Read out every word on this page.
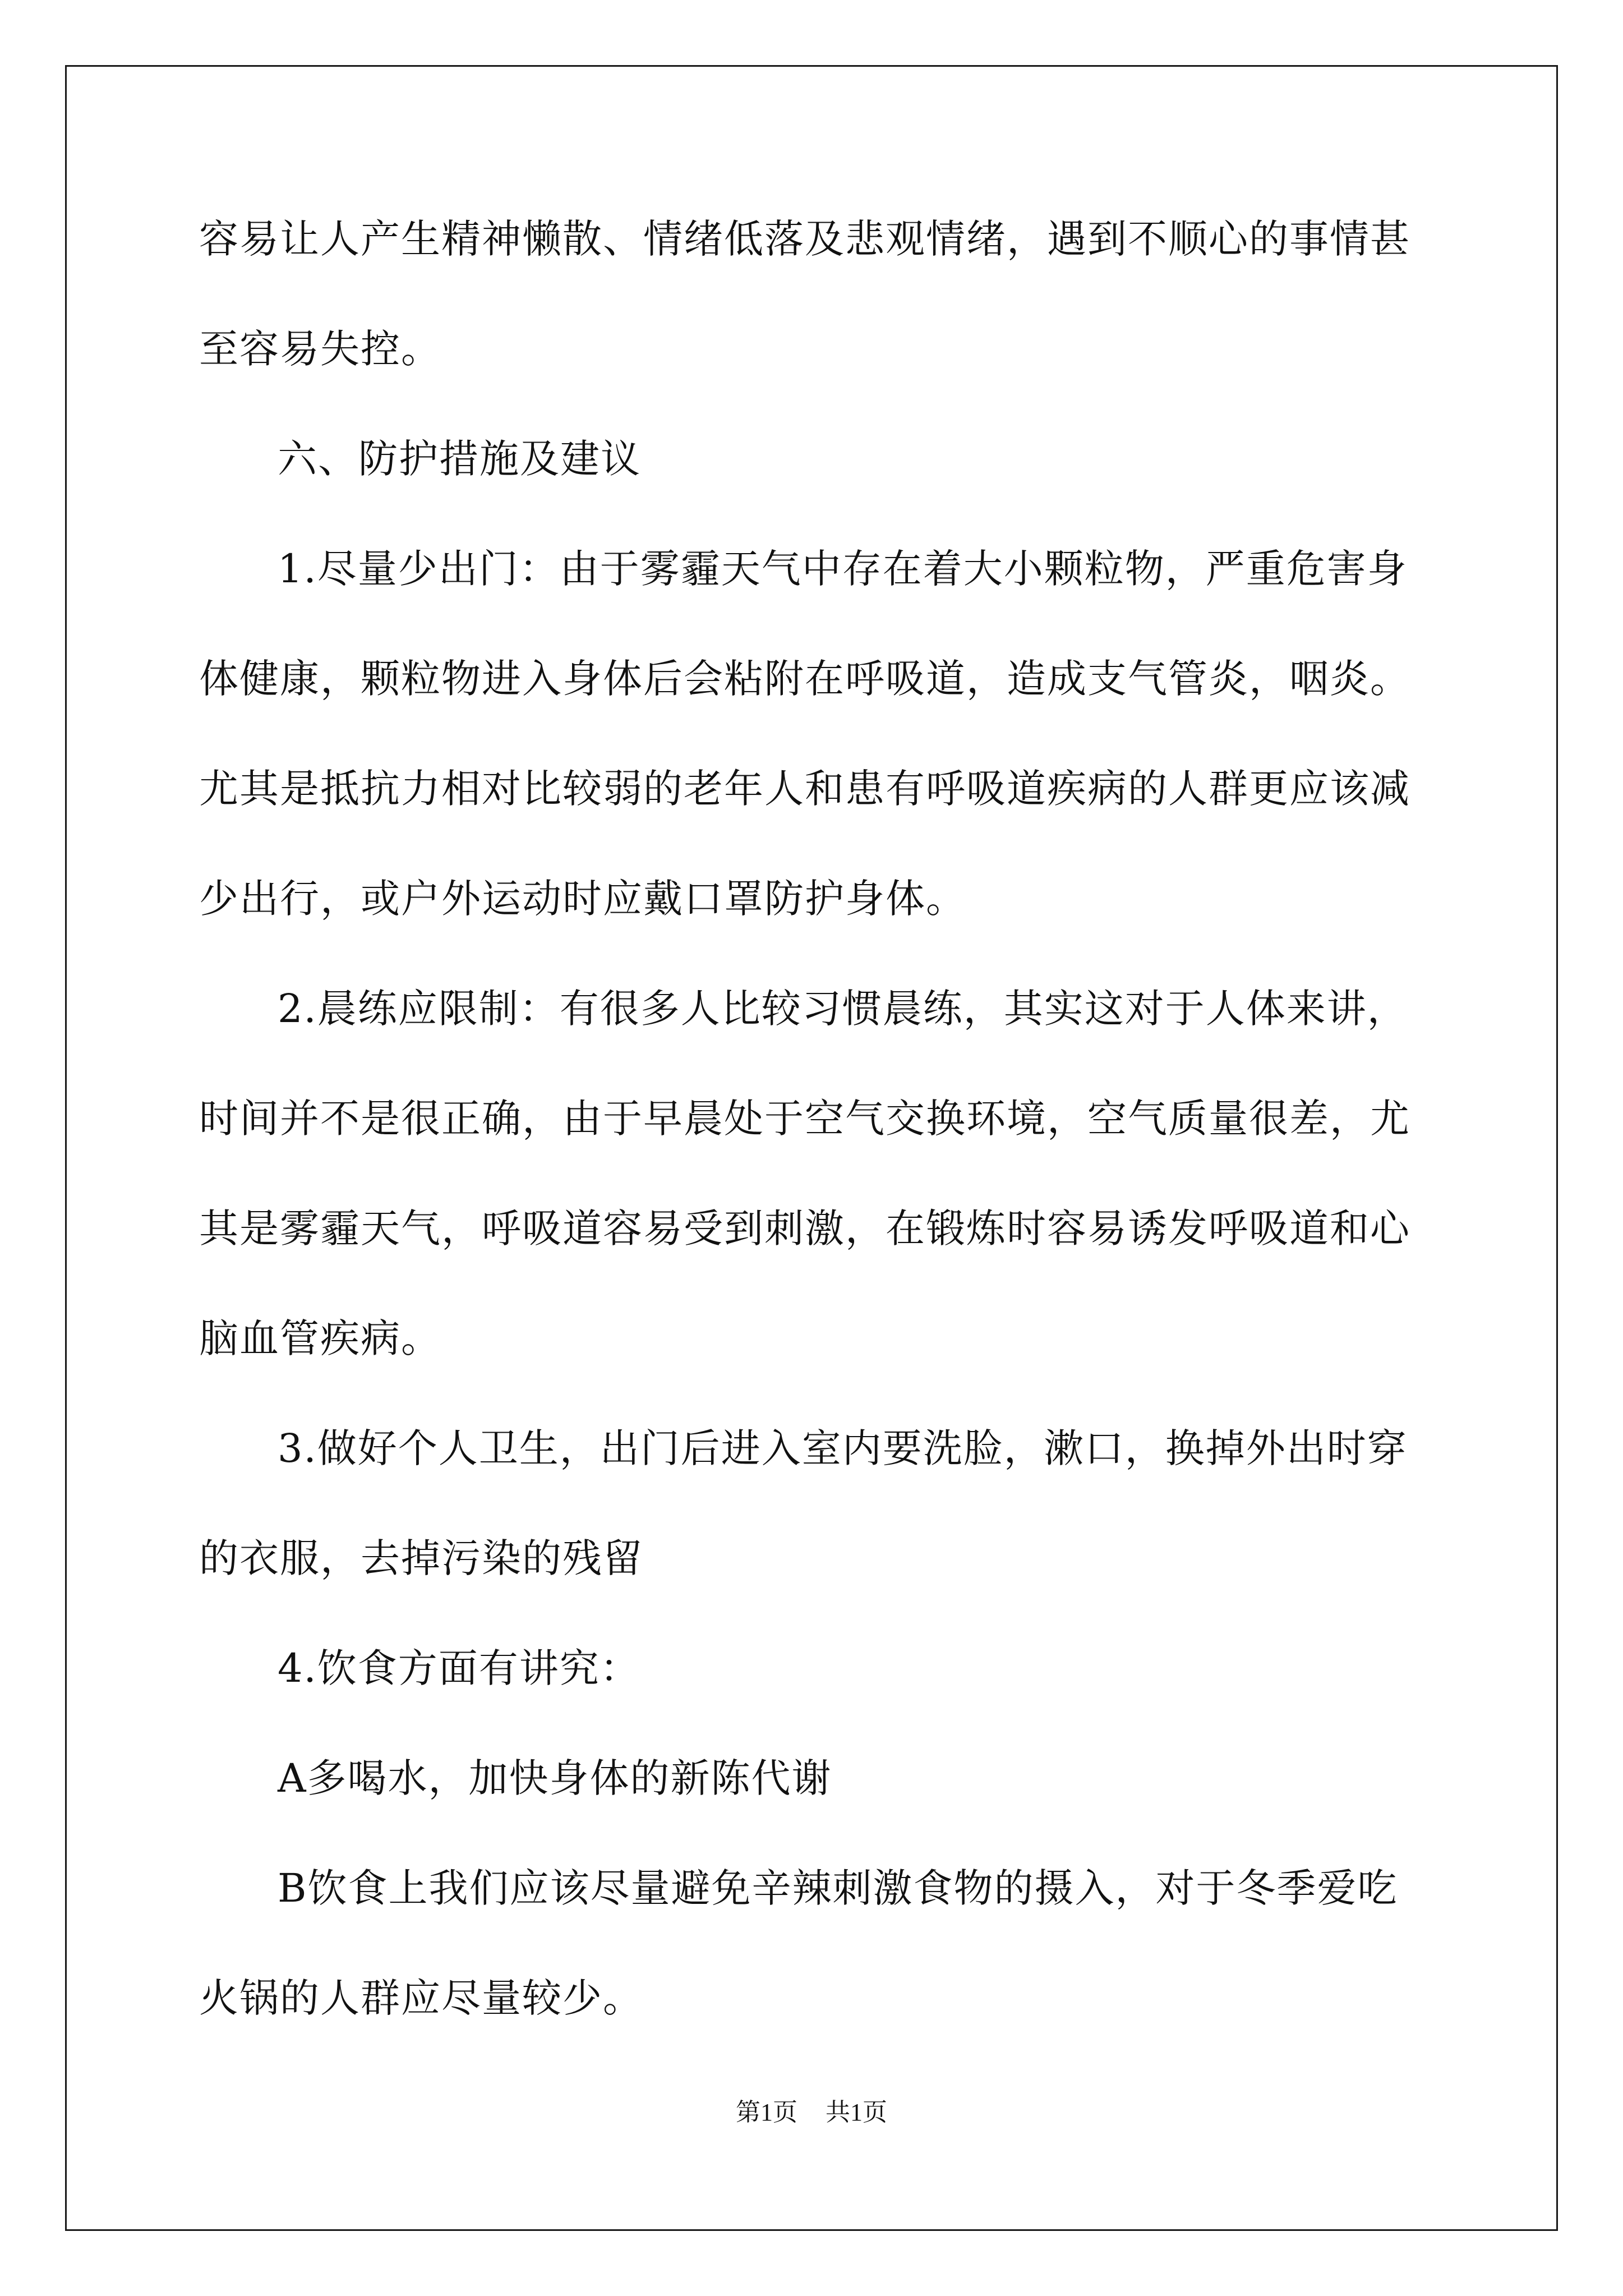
容易让人产生精神懒散、情绪低落及悲观情绪，遇到不顺心的事情甚
至容易失控。
六、防护措施及建议
1.尽量少出门：由于雾霾天气中存在着大小颗粒物，严重危害身
体健康，颗粒物进入身体后会粘附在呼吸道，造成支气管炎，咽炎。
尤其是抵抗力相对比较弱的老年人和患有呼吸道疾病的人群更应该减
少出行，或户外运动时应戴口罩防护身体。
2.晨练应限制：有很多人比较习惯晨练，其实这对于人体来讲，
时间并不是很正确，由于早晨处于空气交换环境，空气质量很差，尤
其是雾霾天气，呼吸道容易受到刺激，在锻炼时容易诱发呼吸道和心
脑血管疾病。
3.做好个人卫生，出门后进入室内要洗脸，漱口，换掉外出时穿
的衣服，去掉污染的残留
4.饮食方面有讲究：
A多喝水，加快身体的新陈代谢
B饮食上我们应该尽量避免辛辣刺激食物的摄入，对于冬季爱吃
火锅的人群应尽量较少。
第1页 共1页
